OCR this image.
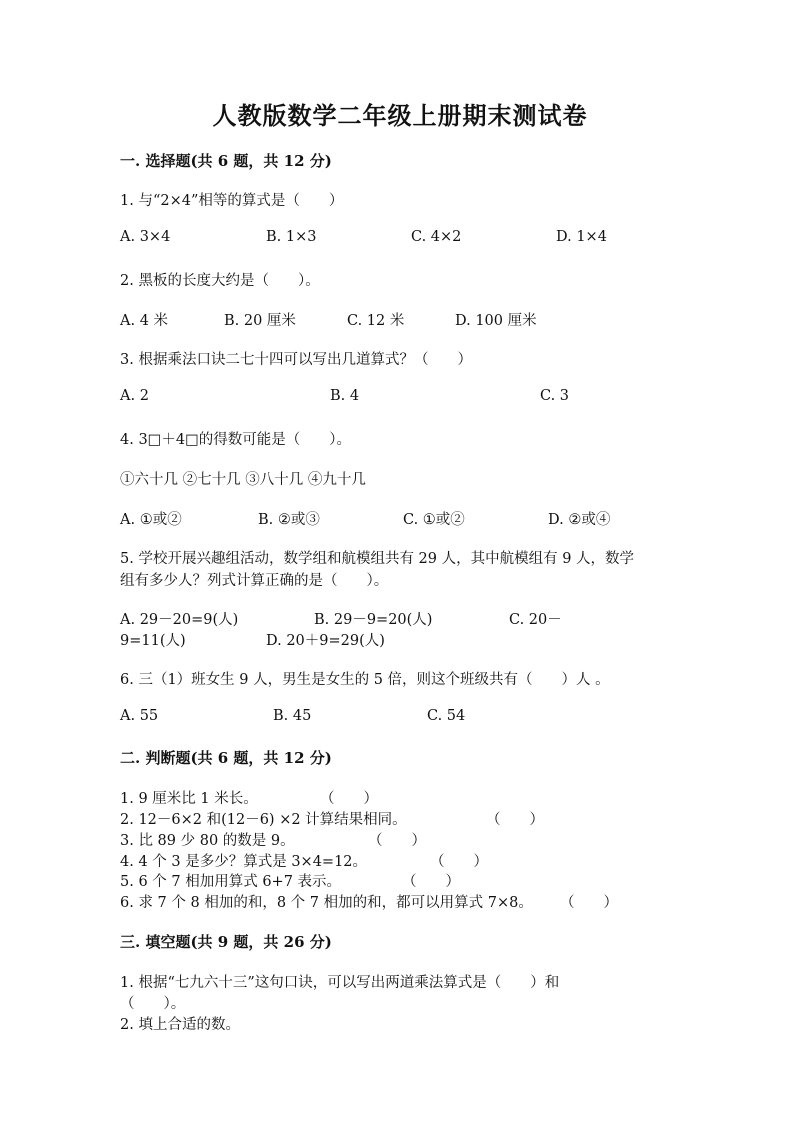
人教版数学二年级上册期末测试卷
一. 选择题(共 6 题，共 12 分)
1. 与“2×4”相等的算式是（　　）
A. 3×4	B. 1×3	C. 4×2	D. 1×4
2. 黑板的长度大约是（　　）。
A. 4 米	B. 20 厘米	C. 12 米	D. 100 厘米
3. 根据乘法口诀二七十四可以写出几道算式？（　　）
A. 2	B. 4	C. 3
4. 3□＋4□的得数可能是（　　）。
①六十几 ②七十几 ③八十几 ④九十几
A. ①或②	B. ②或③	C. ①或②	D. ②或④
5. 学校开展兴趣组活动，数学组和航模组共有 29 人，其中航模组有 9 人，数学
组有多少人？列式计算正确的是（　　）。
A. 29－20=9(人)	B. 29－9=20(人)	C. 20－
9=11(人)	D. 20＋9=29(人)
6. 三（1）班女生 9 人，男生是女生的 5 倍，则这个班级共有（　　）人 。
A. 55	B. 45	C. 54
二. 判断题(共 6 题，共 12 分)
1. 9 厘米比 1 米长。	（　　）
2. 12－6×2 和(12－6) ×2 计算结果相同。	（　　）
3. 比 89 少 80 的数是 9。	（　　）
4. 4 个 3 是多少？算式是 3×4=12。	（　　）
5. 6 个 7 相加用算式 6+7 表示。	（　　）
6. 求 7 个 8 相加的和，8 个 7 相加的和，都可以用算式 7×8。 （　　）
三. 填空题(共 9 题，共 26 分)
1. 根据“七九六十三”这句口诀，可以写出两道乘法算式是（　　）和
（　　）。
2. 填上合适的数。
